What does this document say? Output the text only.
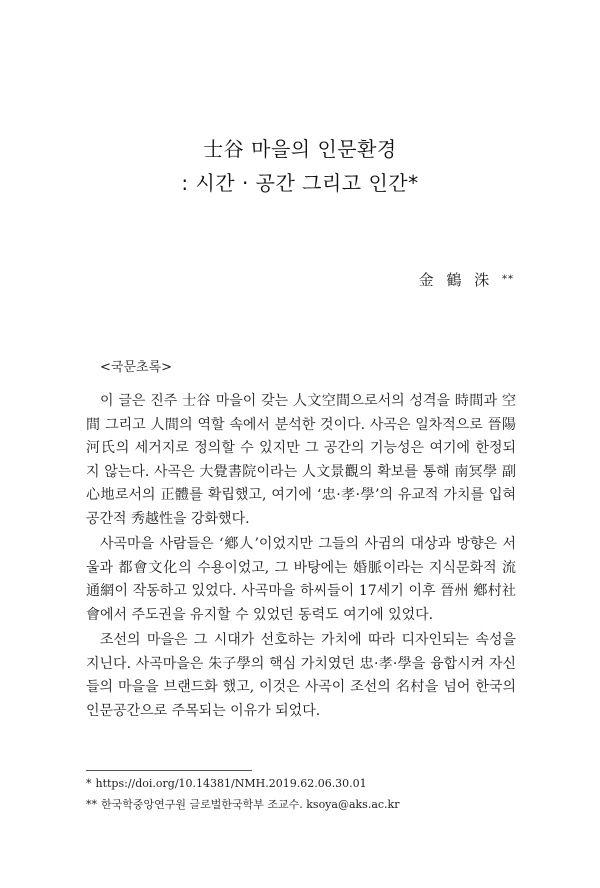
士谷 마을의 인문환경
: 시간 · 공간 그리고 인간*
金 鶴 洙 **
<국문초록>

이 글은 진주 士谷 마을이 갖는 人文空間으로서의 성격을 時間과 空間 그리고 人間의 역할 속에서 분석한 것이다. 사곡은 일차적으로 晉陽河氏의 세거지로 정의할 수 있지만 그 공간의 기능성은 여기에 한정되지 않는다. 사곡은 大覺書院이라는 人文景觀의 확보를 통해 南冥學 副心地로서의 正體를 확립했고, 여기에 ‘忠·孝·學’의 유교적 가치를 입혀 공간적 秀越性을 강화했다.

사곡마을 사람들은 ‘鄕人’이었지만 그들의 사귐의 대상과 방향은 서울과 都會文化의 수용이었고, 그 바탕에는 婚脈이라는 지식문화적 流通網이 작동하고 있었다. 사곡마을 하씨들이 17세기 이후 晉州 鄕村社會에서 주도권을 유지할 수 있었던 동력도 여기에 있었다.

조선의 마을은 그 시대가 선호하는 가치에 따라 디자인되는 속성을 지닌다. 사곡마을은 朱子學의 핵심 가치였던 忠·孝·學을 융합시켜 자신들의 마을을 브랜드화 했고, 이것은 사곡이 조선의 名村을 넘어 한국의 인문공간으로 주목되는 이유가 되었다.

* https://doi.org/10.14381/NMH.2019.62.06.30.01
** 한국학중앙연구원 글로벌한국학부 조교수. ksoya@aks.ac.kr
